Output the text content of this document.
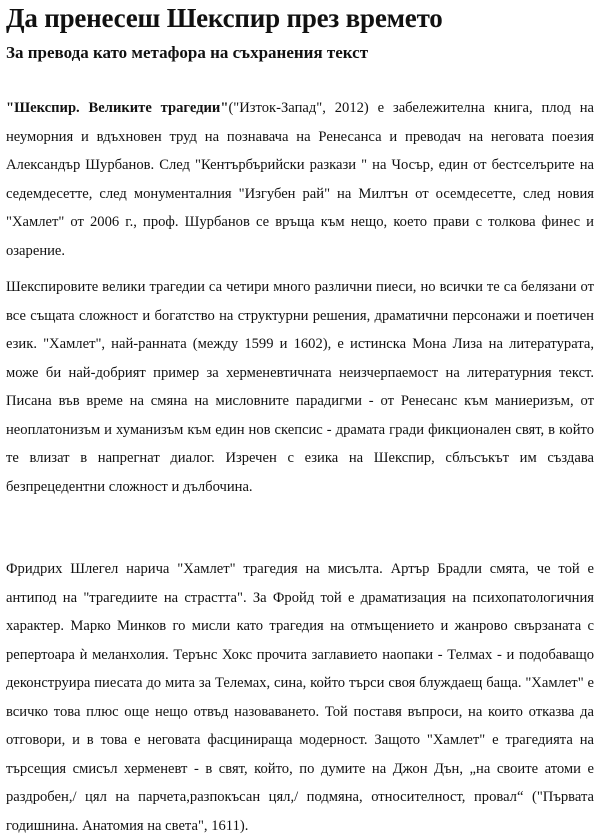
Да пренесеш Шекспир през времето
За превода като метафора на съхранения текст

"Шекспир. Великите трагедии"("Изток-Запад", 2012) е забележителна книга, плод на неуморния и вдъхновен труд на познавача на Ренесанса и преводач на неговата поезия Александър Шурбанов. След "Кентърбърийски разкази " на Чосър, един от бестселърите на седемдесетте, след монументалния "Изгубен рай" на Милтън от осемдесетте, след новия "Хамлет" от 2006 г., проф. Шурбанов се връща към нещо, което прави с толкова финес и озарение.

Шекспировите велики трагедии са четири много различни пиеси, но всички те са белязани от все същата сложност и богатство на структурни решения, драматични персонажи и поетичен език. "Хамлет", най-ранната (между 1599 и 1602), е истинска Мона Лиза на литературата, може би най-добрият пример за херменевтичната неизчерпаемост на литературния текст. Писана във време на смяна на мисловните парадигми - от Ренесанс към маниеризъм, от неоплатонизъм и хуманизъм към един нов скепсис - драмата гради фикционален свят, в който те влизат в напрегнат диалог. Изречен с езика на Шекспир, сблъсъкът им създава безпрецедентни сложност и дълбочина.

Фридрих Шлегел нарича "Хамлет" трагедия на мисълта. Артър Брадли смята, че той е антипод на "трагедиите на страстта". За Фройд той е драматизация на психопатологичния характер. Марко Минков го мисли като трагедия на отмъщението и жанрово свързаната с репертоара ѝ меланхолия. Терънс Хокс прочита заглавието наопаки - Телмах - и подобаващо деконструира пиесата до мита за Телемах, сина, който търси своя блуждаещ баща. "Хамлет" е всичко това плюс още нещо отвъд назоваването. Той поставя въпроси, на които отказва да отговори, и в това е неговата фасцинираща модерност. Защото "Хамлет" е трагедията на търсещия смисъл херменевт - в свят, който, по думите на Джон Дън, „на своите атоми е раздробен,/ цял на парчета,разпокъсан цял,/ подмяна, относителност, провал“ ("Първата годишнина. Анатомия на света", 1611).
